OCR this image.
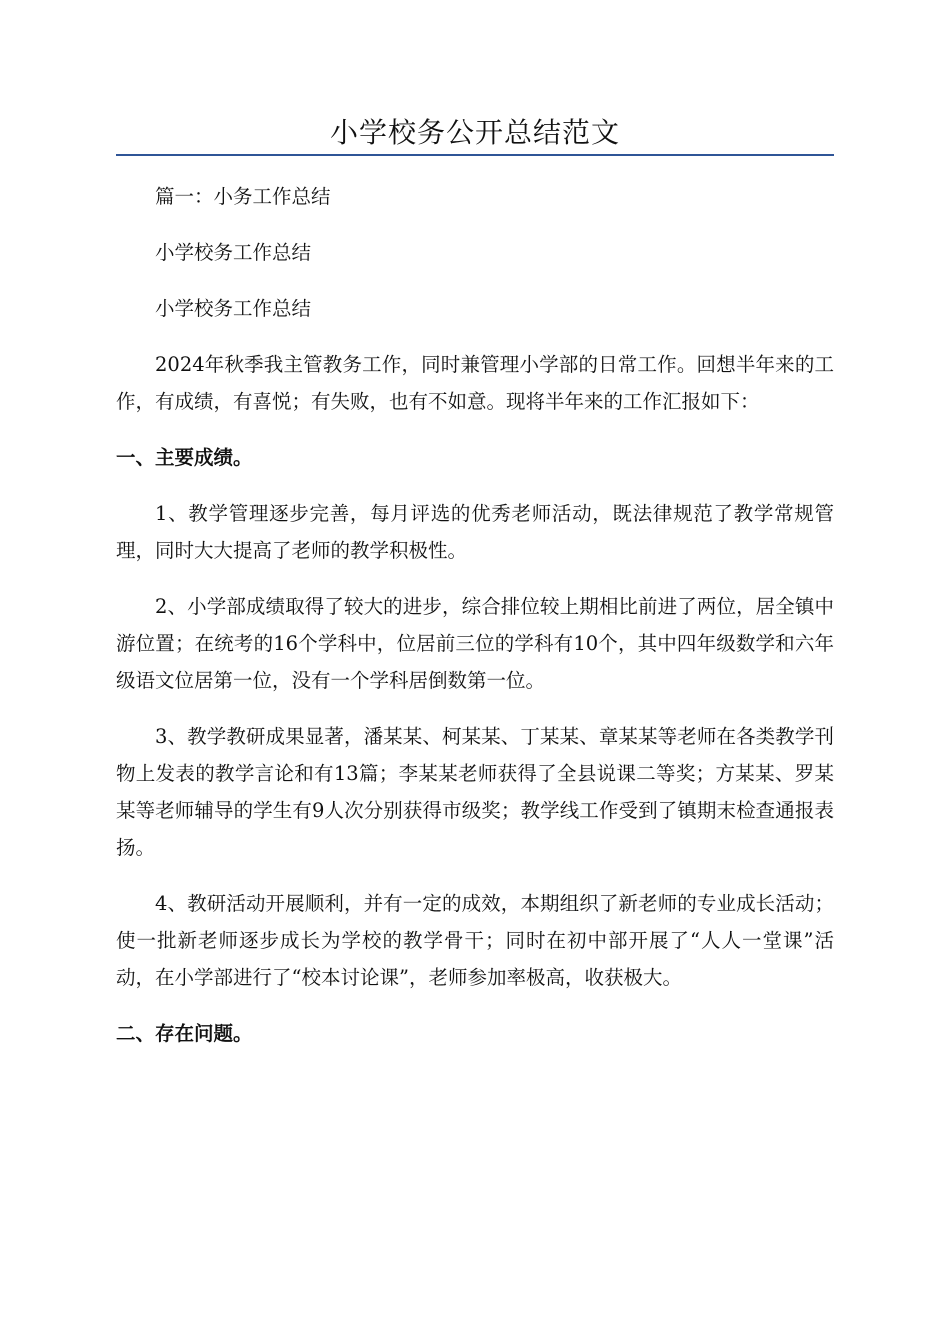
小学校务公开总结范文

篇一：小务工作总结

小学校务工作总结

小学校务工作总结

2024年秋季我主管教务工作，同时兼管理小学部的日常工作。回想半年来的工作，有成绩，有喜悦；有失败，也有不如意。现将半年来的工作汇报如下：

一、主要成绩。

1、教学管理逐步完善，每月评选的优秀老师活动，既法律规范了教学常规管理，同时大大提高了老师的教学积极性。

2、小学部成绩取得了较大的进步，综合排位较上期相比前进了两位，居全镇中游位置；在统考的16个学科中，位居前三位的学科有10个，其中四年级数学和六年级语文位居第一位，没有一个学科居倒数第一位。

3、教学教研成果显著，潘某某、柯某某、丁某某、章某某等老师在各类教学刊物上发表的教学言论和有13篇；李某某老师获得了全县说课二等奖；方某某、罗某某等老师辅导的学生有9人次分别获得市级奖；教学线工作受到了镇期末检查通报表扬。

4、教研活动开展顺利，并有一定的成效，本期组织了新老师的专业成长活动；使一批新老师逐步成长为学校的教学骨干；同时在初中部开展了“人人一堂课”活动，在小学部进行了“校本讨论课”，老师参加率极高，收获极大。

二、存在问题。
